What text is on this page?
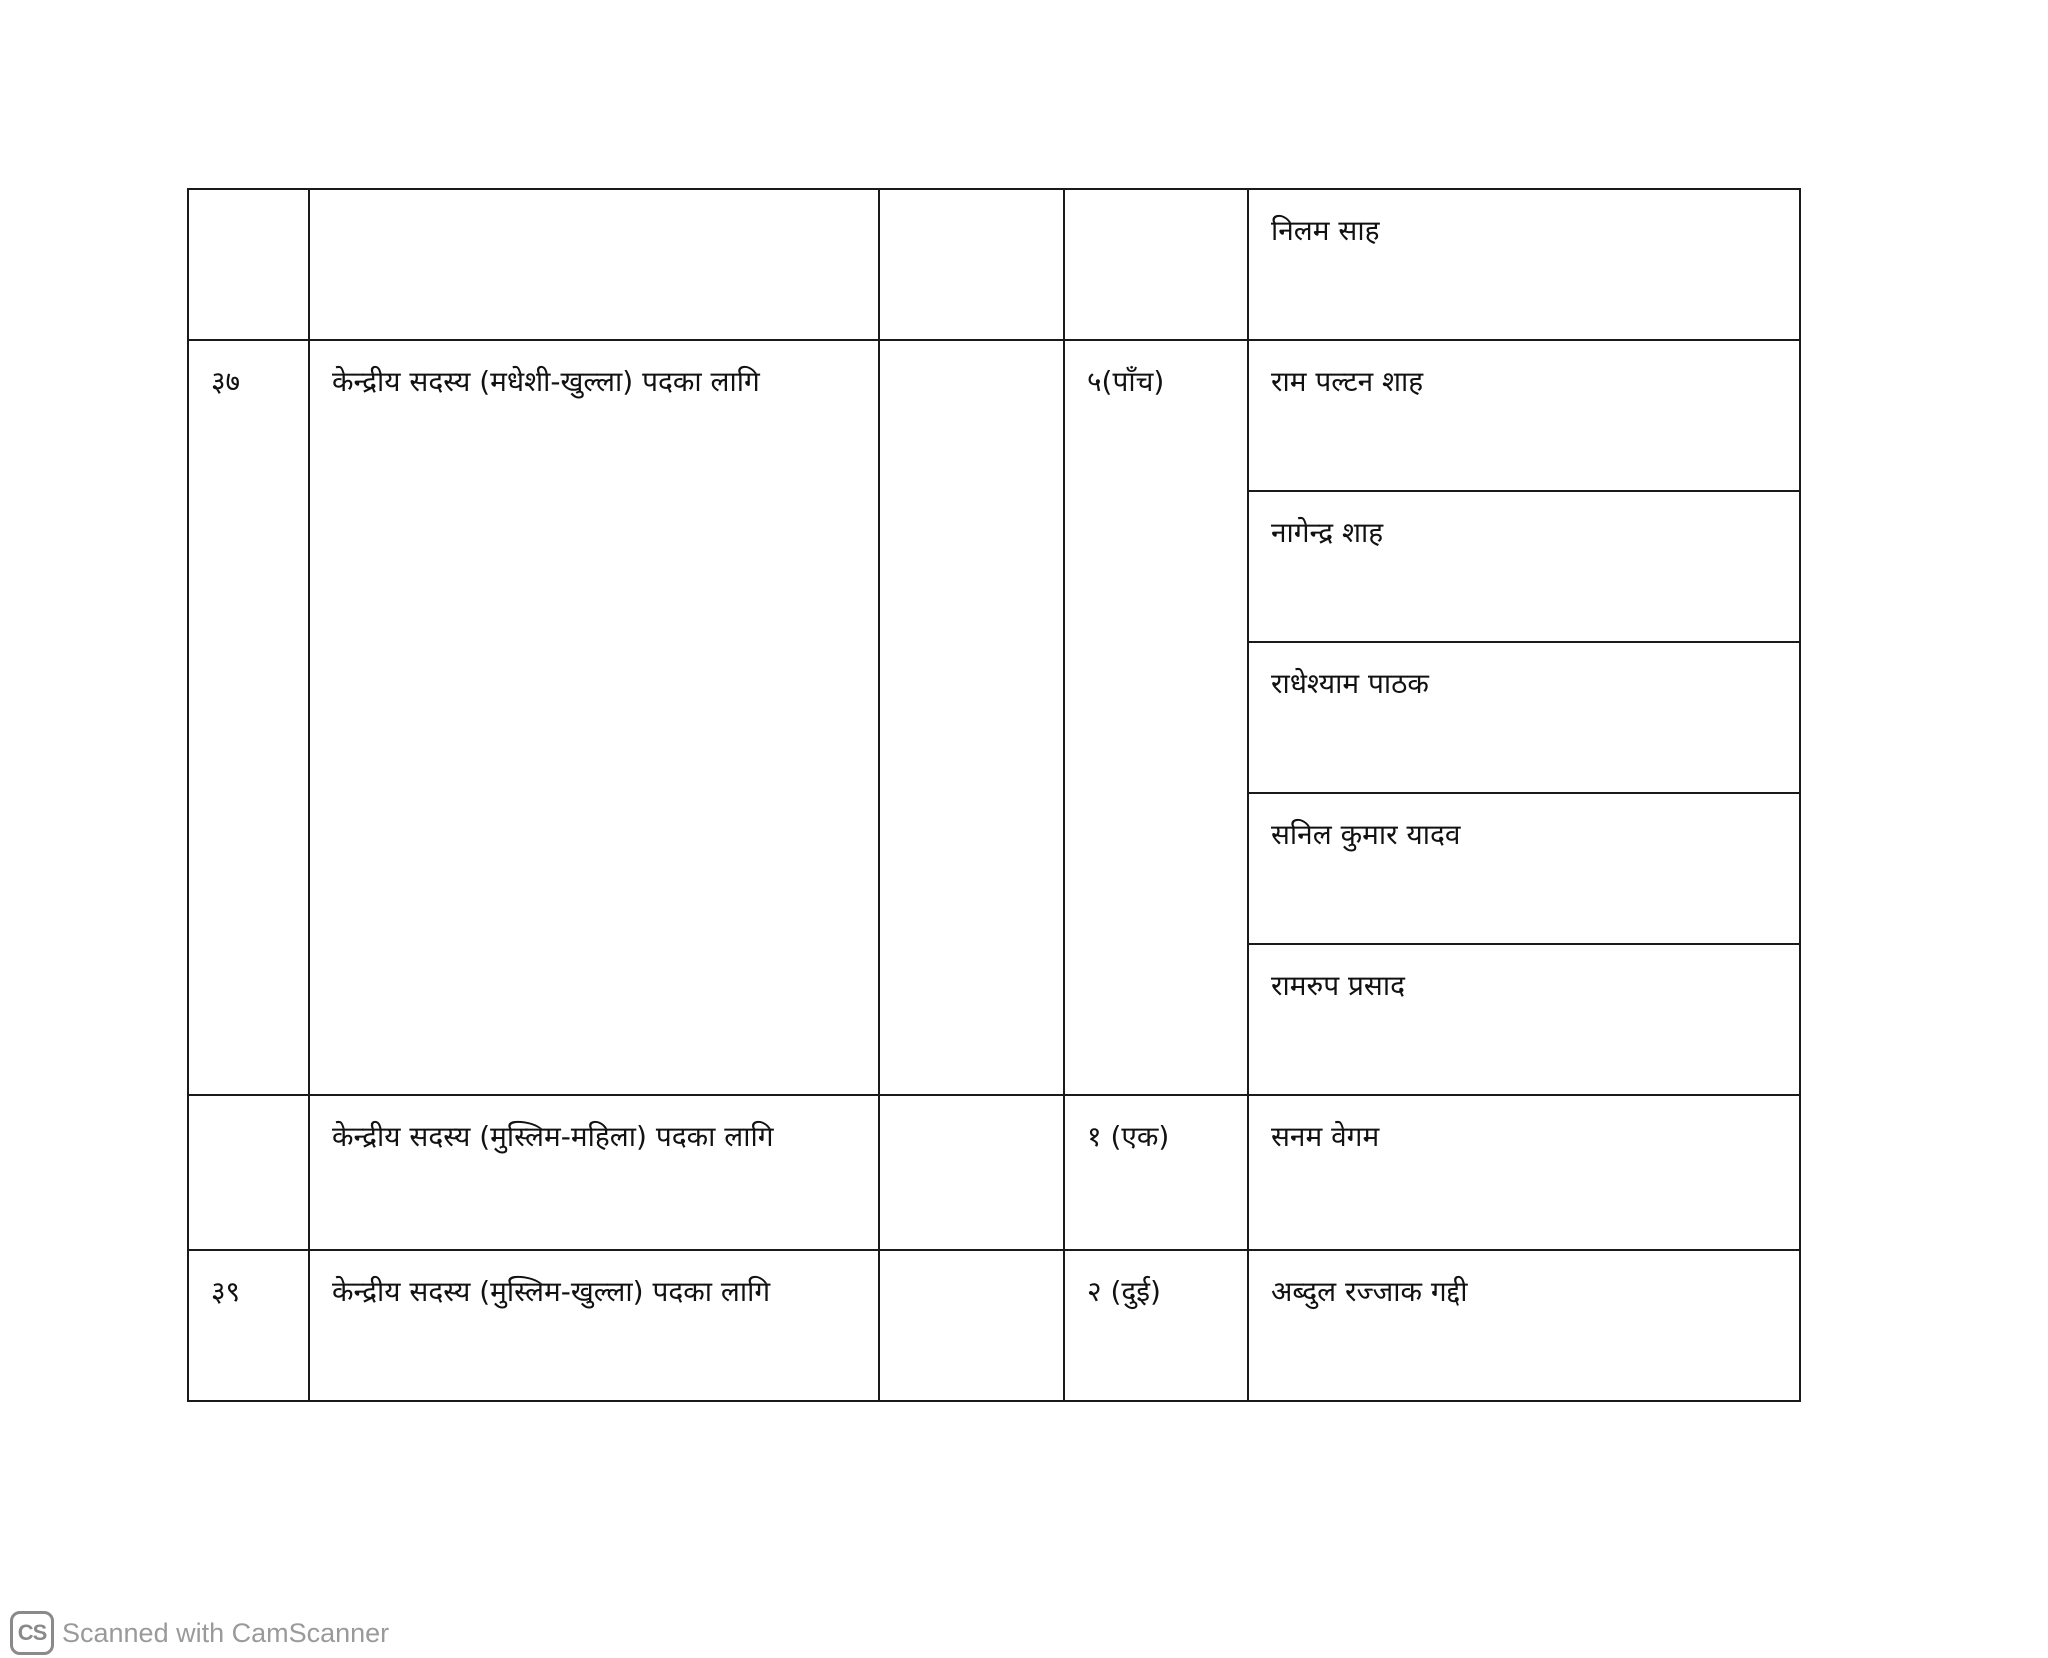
				निलम साह
३७	केन्द्रीय सदस्य (मधेशी-खुल्ला) पदका लागि		५(पाँच)	राम पल्टन शाह
				नागेन्द्र शाह
				राधेश्याम पाठक
				सनिल कुमार यादव
				रामरुप प्रसाद
	केन्द्रीय सदस्य (मुस्लिम-महिला) पदका लागि		१ (एक)	सनम वेगम
३९	केन्द्रीय सदस्य (मुस्लिम-खुल्ला) पदका लागि		२ (दुई)	अब्दुल रज्जाक गद्दी
CS Scanned with CamScanner
